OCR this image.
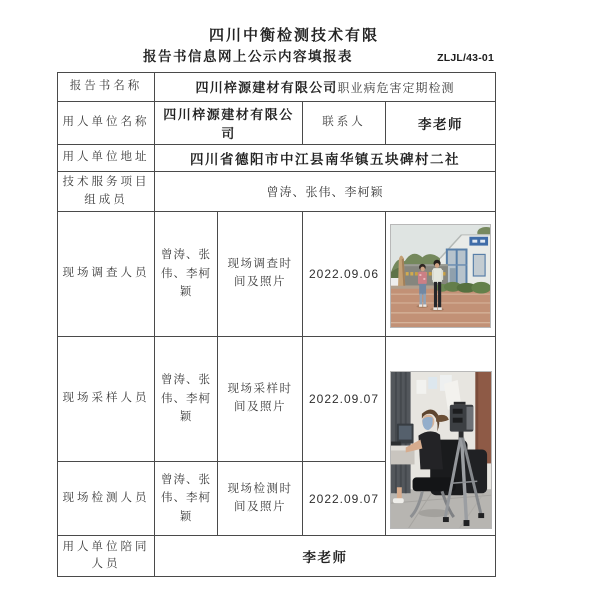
四川中衡检测技术有限
报告书信息网上公示内容填报表	ZLJL/43-01
报告书名称	四川梓源建材有限公司职业病危害定期检测			
用人单位名称	四川梓源建材有限公司		联系人	李老师
用人单位地址	四川省德阳市中江县南华镇五块碑村二社			
技术服务项目组成员	曾涛、张伟、李柯颖			
现场调查人员	曾涛、张伟、李柯颖	现场调查时间及照片	2022.09.06	

现场采样人员	曾涛、张伟、李柯颖	现场采样时间及照片	2022.09.07	

现场检测人员	曾涛、张伟、李柯颖	现场检测时间及照片	2022.09.07	
用人单位陪同人员	李老师			
